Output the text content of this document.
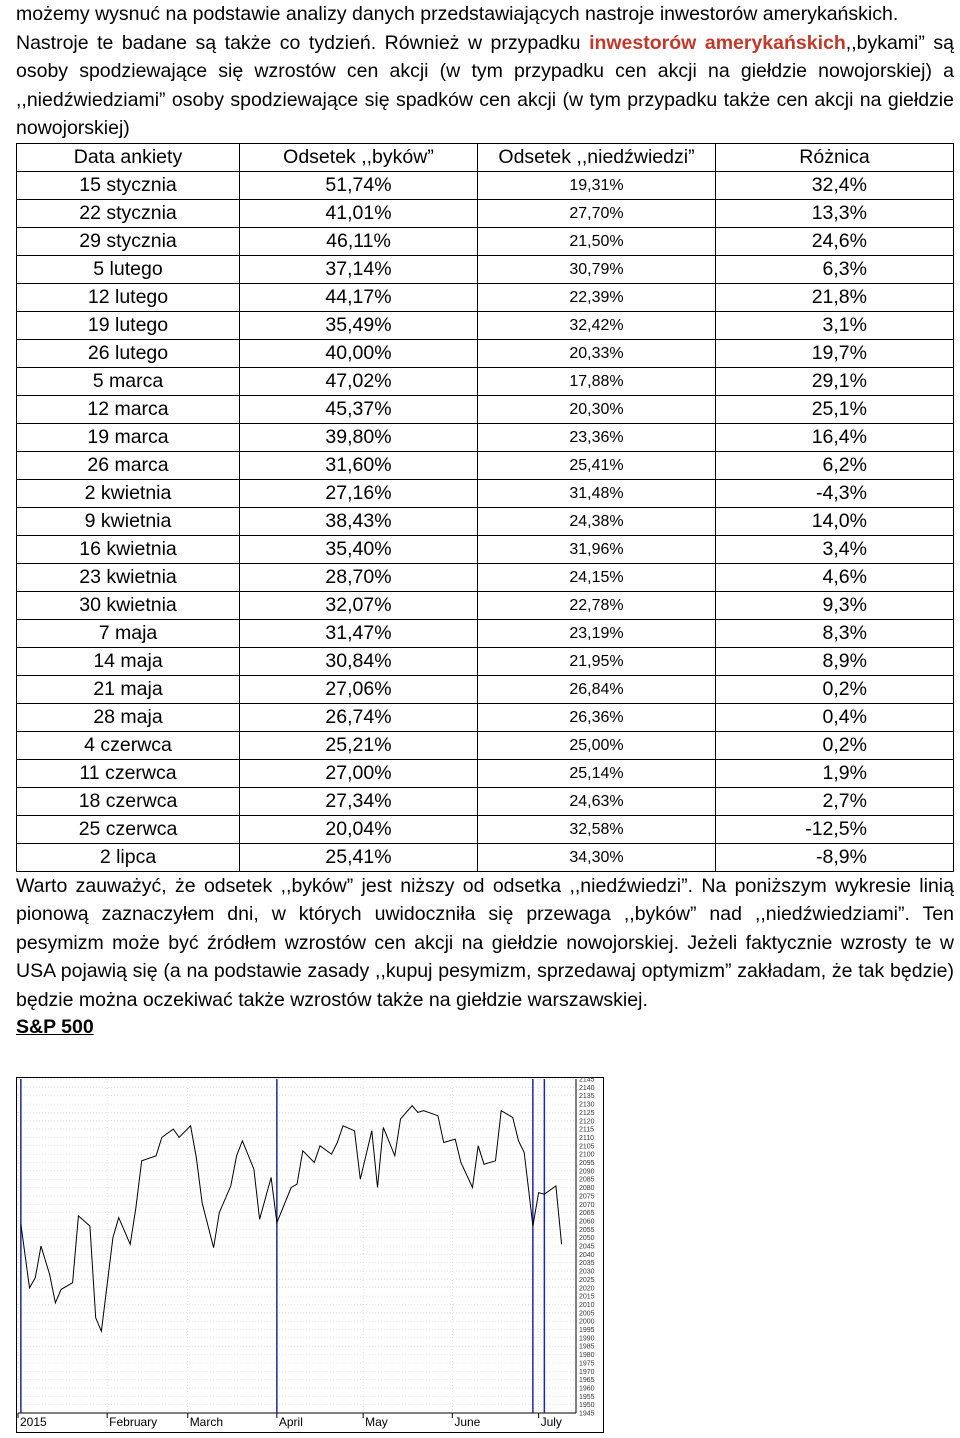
możemy wysnuć na podstawie analizy danych przedstawiających nastroje inwestorów amerykańskich.

Nastroje te badane są także co tydzień. Również w przypadku inwestorów amerykańskich,,bykami” są osoby spodziewające się wzrostów cen akcji (w tym przypadku cen akcji na giełdzie nowojorskiej) a ,,niedźwiedziami” osoby spodziewające się spadków cen akcji (w tym przypadku także cen akcji na giełdzie nowojorskiej)

Data ankiety	Odsetek ,,byków”	Odsetek ,,niedźwiedzi”	Różnica
15 stycznia	51,74%	19,31%	32,4%
22 stycznia	41,01%	27,70%	13,3%
29 stycznia	46,11%	21,50%	24,6%
5 lutego	37,14%	30,79%	6,3%
12 lutego	44,17%	22,39%	21,8%
19 lutego	35,49%	32,42%	3,1%
26 lutego	40,00%	20,33%	19,7%
5 marca	47,02%	17,88%	29,1%
12 marca	45,37%	20,30%	25,1%
19 marca	39,80%	23,36%	16,4%
26 marca	31,60%	25,41%	6,2%
2 kwietnia	27,16%	31,48%	-4,3%
9 kwietnia	38,43%	24,38%	14,0%
16 kwietnia	35,40%	31,96%	3,4%
23 kwietnia	28,70%	24,15%	4,6%
30 kwietnia	32,07%	22,78%	9,3%
7 maja	31,47%	23,19%	8,3%
14 maja	30,84%	21,95%	8,9%
21 maja	27,06%	26,84%	0,2%
28 maja	26,74%	26,36%	0,4%
4 czerwca	25,21%	25,00%	0,2%
11 czerwca	27,00%	25,14%	1,9%
18 czerwca	27,34%	24,63%	2,7%
25 czerwca	20,04%	32,58%	-12,5%
2 lipca	25,41%	34,30%	-8,9%

Warto zauważyć, że odsetek ,,byków” jest niższy od odsetka ,,niedźwiedzi”. Na poniższym wykresie linią pionową zaznaczyłem dni, w których uwidoczniła się przewaga ,,byków” nad ,,niedźwiedziami”. Ten pesymizm może być źródłem wzrostów cen akcji na giełdzie nowojorskiej. Jeżeli faktycznie wzrosty te w USA pojawią się (a na podstawie zasady ,,kupuj pesymizm, sprzedawaj optymizm” zakładam, że tak będzie) będzie można oczekiwać także wzrostów także na giełdzie warszawskiej.

S&P 500
1945
1950
1955
1960
1965
1970
1975
1980
1985
1990
1995
2000
2005
2010
2015
2020
2025
2030
2035
2040
2045
2050
2055
2060
2065
2070
2075
2080
2085
2090
2095
2100
2105
2110
2115
2120
2125
2130
2135
2140
2145
2015	February	March	April	May	June	July
